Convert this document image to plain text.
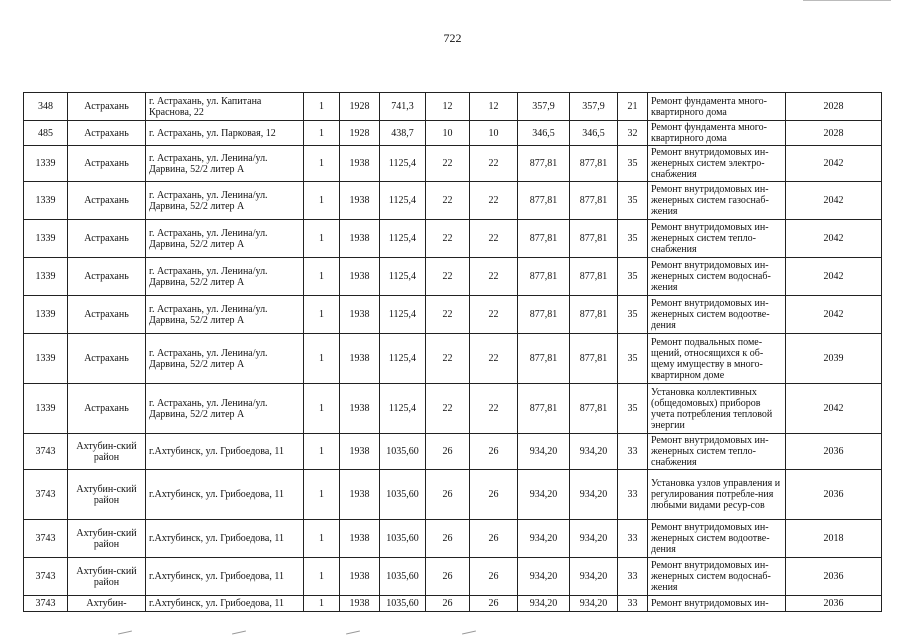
722
348	Астрахань	г. Астрахань, ул. Капитана Краснова, 22	1	1928	741,3	12	12	357,9	357,9	21	Ремонт фундамента много-квартирного дома	2028
485	Астрахань	г. Астрахань, ул. Парковая, 12	1	1928	438,7	10	10	346,5	346,5	32	Ремонт фундамента много-квартирного дома	2028
1339	Астрахань	г. Астрахань, ул. Ленина/ул. Дарвина, 52/2 литер А	1	1938	1125,4	22	22	877,81	877,81	35	Ремонт внутридомовых ин-женерных систем электро-снабжения	2042
1339	Астрахань	г. Астрахань, ул. Ленина/ул. Дарвина, 52/2 литер А	1	1938	1125,4	22	22	877,81	877,81	35	Ремонт внутридомовых ин-женерных систем газоснаб-жения	2042
1339	Астрахань	г. Астрахань, ул. Ленина/ул. Дарвина, 52/2 литер А	1	1938	1125,4	22	22	877,81	877,81	35	Ремонт внутридомовых ин-женерных систем тепло-снабжения	2042
1339	Астрахань	г. Астрахань, ул. Ленина/ул. Дарвина, 52/2 литер А	1	1938	1125,4	22	22	877,81	877,81	35	Ремонт внутридомовых ин-женерных систем водоснаб-жения	2042
1339	Астрахань	г. Астрахань, ул. Ленина/ул. Дарвина, 52/2 литер А	1	1938	1125,4	22	22	877,81	877,81	35	Ремонт внутридомовых ин-женерных систем водоотве-дения	2042
1339	Астрахань	г. Астрахань, ул. Ленина/ул. Дарвина, 52/2 литер А	1	1938	1125,4	22	22	877,81	877,81	35	Ремонт подвальных поме-щений, относящихся к об-щему имуществу в много-квартирном доме	2039
1339	Астрахань	г. Астрахань, ул. Ленина/ул. Дарвина, 52/2 литер А	1	1938	1125,4	22	22	877,81	877,81	35	Установка коллективных (общедомовых) приборов учета потребления тепловой энергии	2042
3743	Ахтубин-ский район	г.Ахтубинск, ул. Грибоедова, 11	1	1938	1035,60	26	26	934,20	934,20	33	Ремонт внутридомовых ин-женерных систем тепло-снабжения	2036
3743	Ахтубин-ский район	г.Ахтубинск, ул. Грибоедова, 11	1	1938	1035,60	26	26	934,20	934,20	33	Установка узлов управления и регулирования потребле-ния любыми видами ресур-сов	2036
3743	Ахтубин-ский район	г.Ахтубинск, ул. Грибоедова, 11	1	1938	1035,60	26	26	934,20	934,20	33	Ремонт внутридомовых ин-женерных систем водоотве-дения	2018
3743	Ахтубин-ский район	г.Ахтубинск, ул. Грибоедова, 11	1	1938	1035,60	26	26	934,20	934,20	33	Ремонт внутридомовых ин-женерных систем водоснаб-жения	2036
3743	Ахтубин-	г.Ахтубинск, ул. Грибоедова, 11	1	1938	1035,60	26	26	934,20	934,20	33	Ремонт внутридомовых ин-	2036
